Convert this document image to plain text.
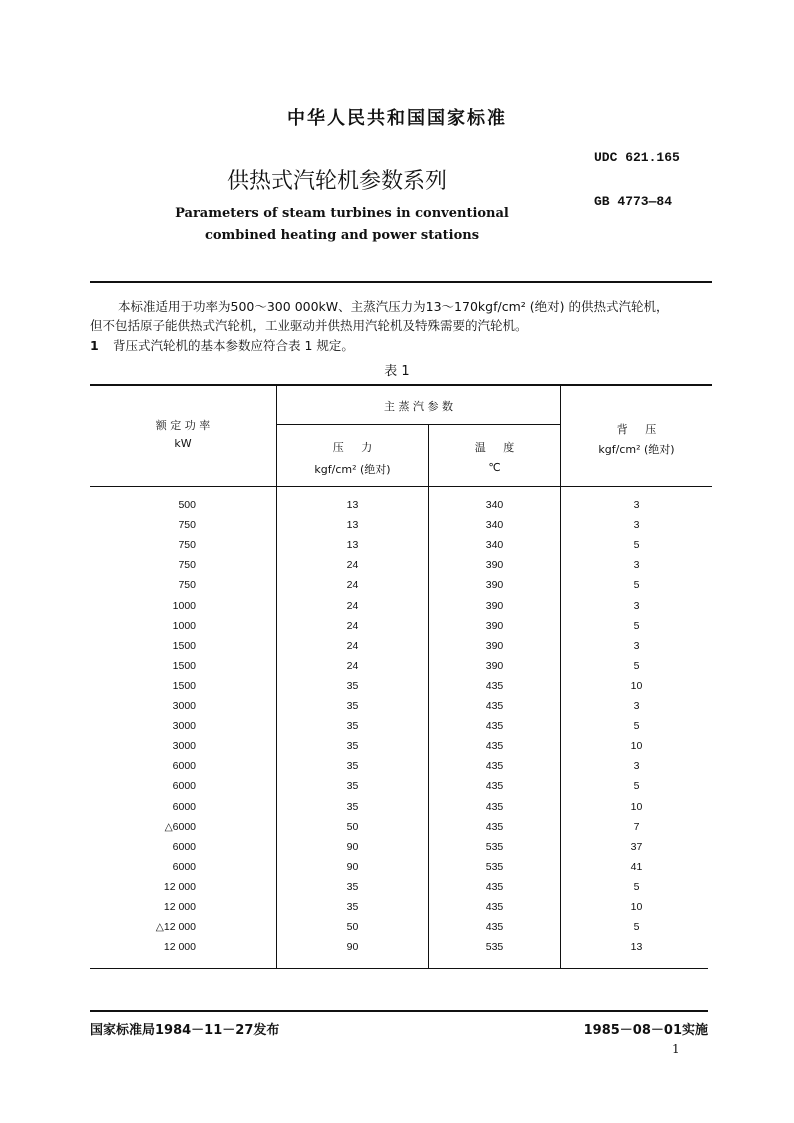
中华人民共和国国家标准
UDC 621.165
供热式汽轮机参数系列
GB 4773—84
Parameters of steam turbines in conventional
combined heating and power stations
本标准适用于功率为500～300 000kW、主蒸汽压力为13～170kgf/cm² (绝对) 的供热式汽轮机，
但不包括原子能供热式汽轮机，工业驱动并供热用汽轮机及特殊需要的汽轮机。
1 背压式汽轮机的基本参数应符合表 1 规定。
表 1
额 定 功 率
kW
主 蒸 汽 参 数
压     力
kgf/cm² (绝对)
温     度
℃
背     压
kgf/cm² (绝对)
500	13	340	3
750	13	340	3
750	13	340	5
750	24	390	3
750	24	390	5
1000	24	390	3
1000	24	390	5
1500	24	390	3
1500	24	390	5
1500	35	435	10
3000	35	435	3
3000	35	435	5
3000	35	435	10
6000	35	435	3
6000	35	435	5
6000	35	435	10
△6000	50	435	7
6000	90	535	37
6000	90	535	41
12 000	35	435	5
12 000	35	435	10
△12 000	50	435	5
12 000	90	535	13
国家标准局1984－11－27发布	1985－08－01实施
1
